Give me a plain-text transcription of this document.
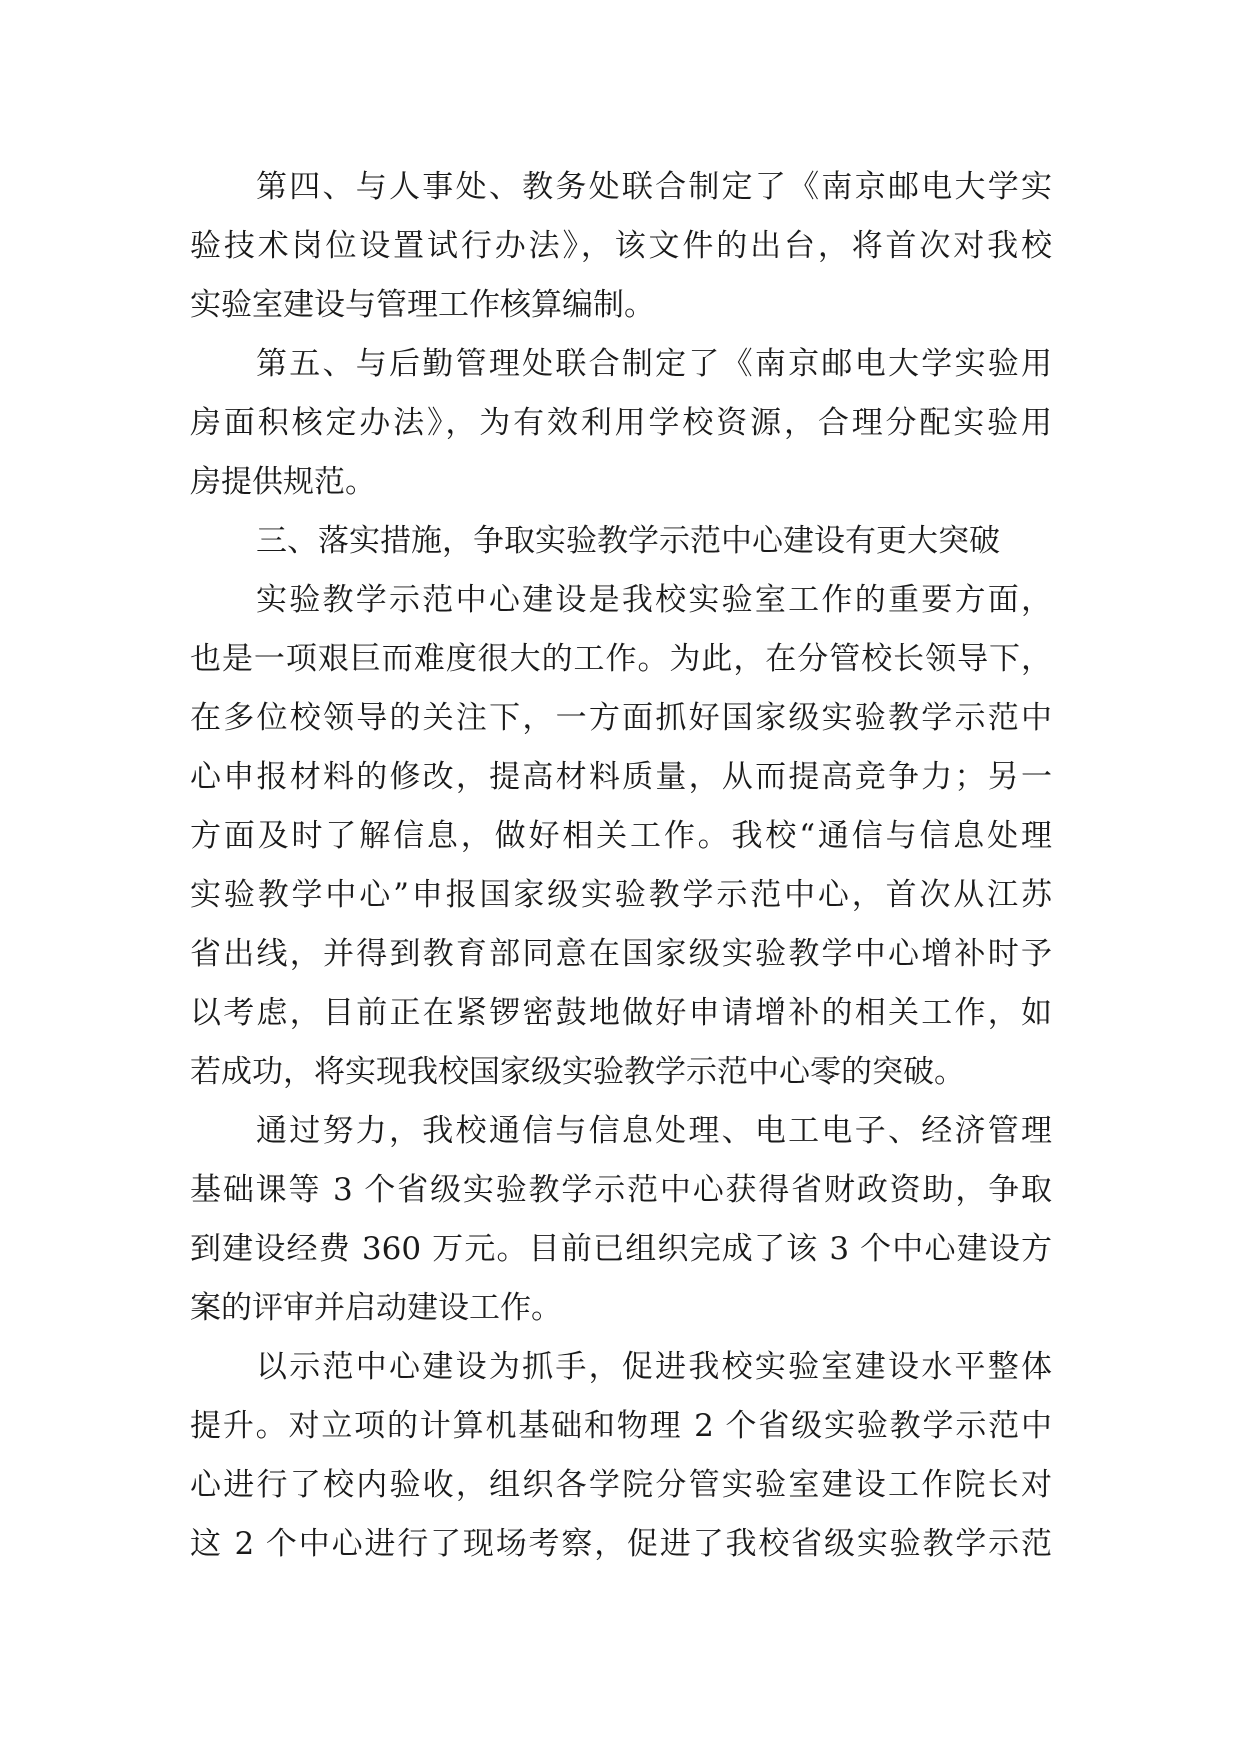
第四、与人事处、教务处联合制定了《南京邮电大学实
验技术岗位设置试行办法》，该文件的出台，将首次对我校
实验室建设与管理工作核算编制。
第五、与后勤管理处联合制定了《南京邮电大学实验用
房面积核定办法》，为有效利用学校资源，合理分配实验用
房提供规范。
三、落实措施，争取实验教学示范中心建设有更大突破
实验教学示范中心建设是我校实验室工作的重要方面，
也是一项艰巨而难度很大的工作。为此，在分管校长领导下，
在多位校领导的关注下，一方面抓好国家级实验教学示范中
心申报材料的修改，提高材料质量，从而提高竞争力；另一
方面及时了解信息，做好相关工作。我校“通信与信息处理
实验教学中心”申报国家级实验教学示范中心，首次从江苏
省出线，并得到教育部同意在国家级实验教学中心增补时予
以考虑，目前正在紧锣密鼓地做好申请增补的相关工作，如
若成功，将实现我校国家级实验教学示范中心零的突破。
通过努力，我校通信与信息处理、电工电子、经济管理
基础课等 3 个省级实验教学示范中心获得省财政资助，争取
到建设经费 360 万元。目前已组织完成了该 3 个中心建设方
案的评审并启动建设工作。
以示范中心建设为抓手，促进我校实验室建设水平整体
提升。对立项的计算机基础和物理 2 个省级实验教学示范中
心进行了校内验收，组织各学院分管实验室建设工作院长对
这 2 个中心进行了现场考察，促进了我校省级实验教学示范
